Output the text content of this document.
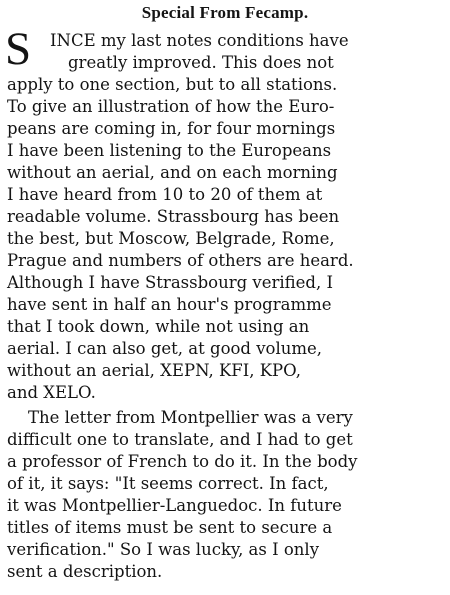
Special From Fecamp.
S INCE my last notes conditions have
greatly improved. This does not
apply to one section, but to all stations.
To give an illustration of how the Euro-
peans are coming in, for four mornings
I have been listening to the Europeans
without an aerial, and on each morning
I have heard from 10 to 20 of them at
readable volume. Strassbourg has been
the best, but Moscow, Belgrade, Rome,
Prague and numbers of others are heard.
Although I have Strassbourg verified, I
have sent in half an hour's programme
that I took down, while not using an
aerial. I can also get, at good volume,
without an aerial, XEPN, KFI, KPO,
and XELO.
The letter from Montpellier was a very
difficult one to translate, and I had to get
a professor of French to do it. In the body
of it, it says: "It seems correct. In fact,
it was Montpellier-Languedoc. In future
titles of items must be sent to secure a
verification." So I was lucky, as I only
sent a description.
